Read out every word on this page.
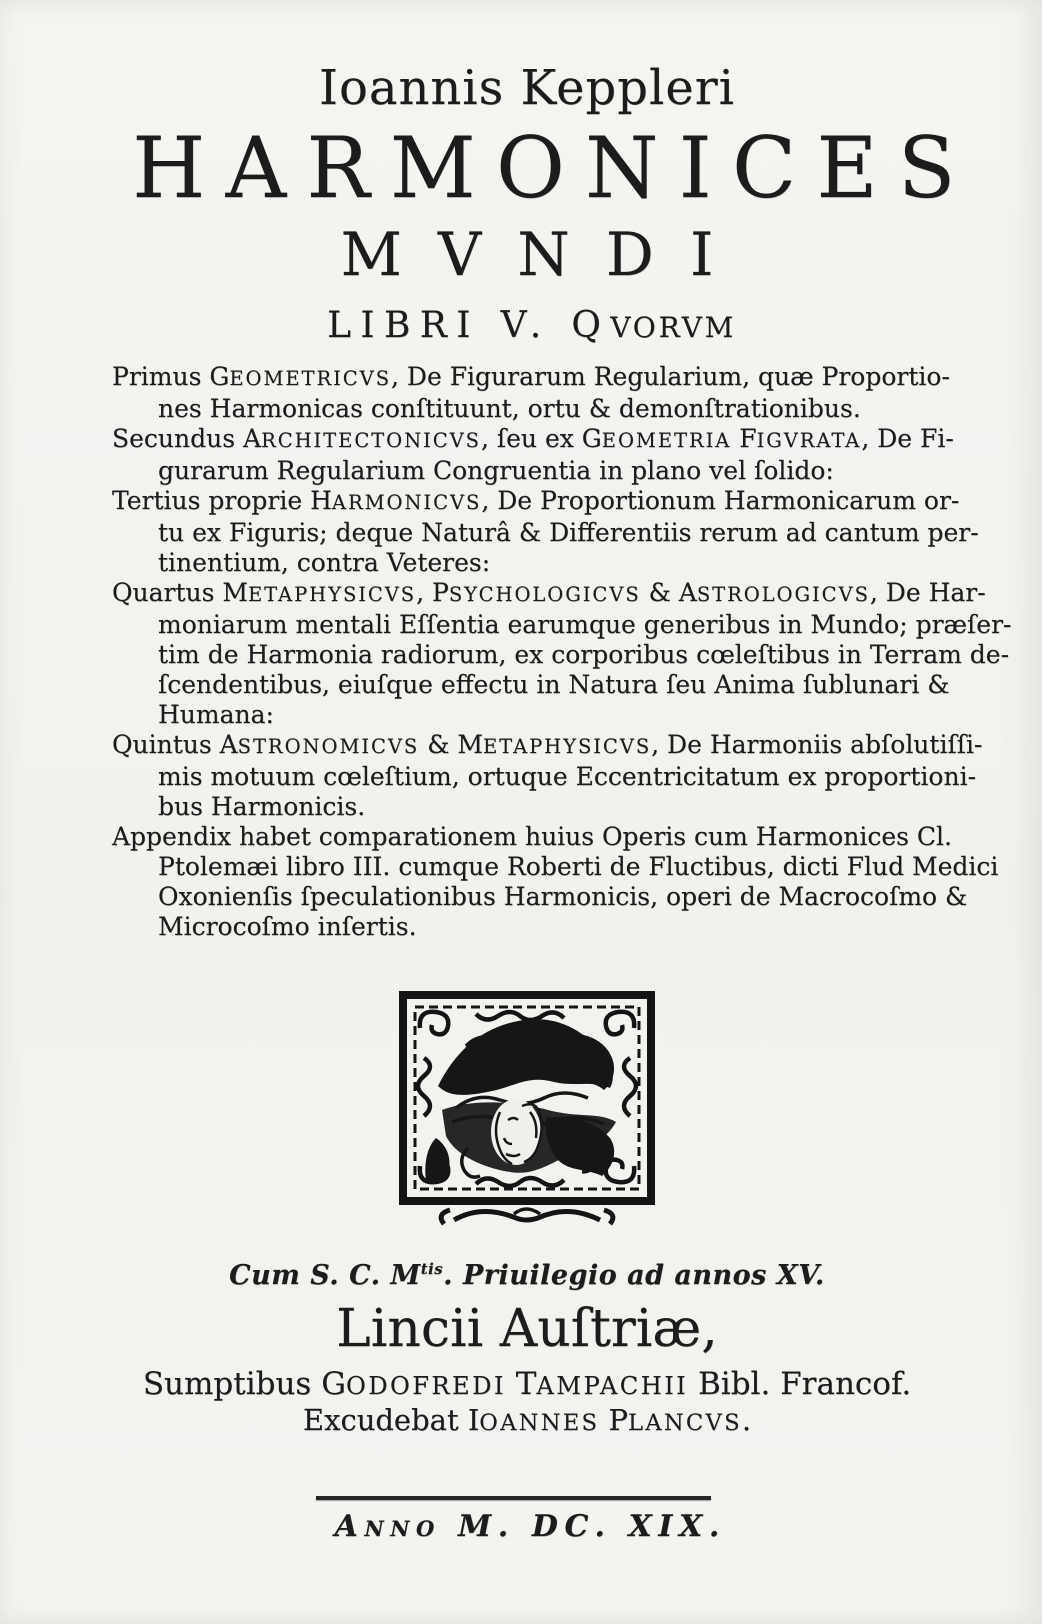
Ioannis Keppleri
HARMONICES
MVNDI
LIBRI V. QVORVM
Primus GEOMETRICVS, De Figurarum Regularium, quæ Proportio-
nes Harmonicas conſtituunt, ortu & demonſtrationibus.
Secundus ARCHITECTONICVS, ſeu ex GEOMETRIA FIGVRATA, De Fi-
gurarum Regularium Congruentia in plano vel ſolido:
Tertius proprie HARMONICVS, De Proportionum Harmonicarum or-
tu ex Figuris; deque Naturâ & Differentiis rerum ad cantum per-
tinentium, contra Veteres:
Quartus METAPHYSICVS, PSYCHOLOGICVS & ASTROLOGICVS, De Har-
moniarum mentali Eſſentia earumque generibus in Mundo; præſer-
tim de Harmonia radiorum, ex corporibus cœleſtibus in Terram de-
ſcendentibus, eiuſque effectu in Natura ſeu Anima ſublunari &
Humana:
Quintus ASTRONOMICVS & METAPHYSICVS, De Harmoniis abſolutiſſi-
mis motuum cœleſtium, ortuque Eccentricitatum ex proportioni-
bus Harmonicis.
Appendix habet comparationem huius Operis cum Harmonices Cl.
Ptolemæi libro III. cumque Roberti de Fluctibus, dicti Flud Medici
Oxonienſis ſpeculationibus Harmonicis, operi de Macrocoſmo &
Microcoſmo inſertis.
Cum S. C. $M^{tis}$. Priuilegio ad annos XV.
Lincii Auſtriæ,
Sumptibus GODOFREDI TAMPACHII Bibl. Francof.
Excudebat IOANNES PLANCVS.
Anno M. DC. XIX.
